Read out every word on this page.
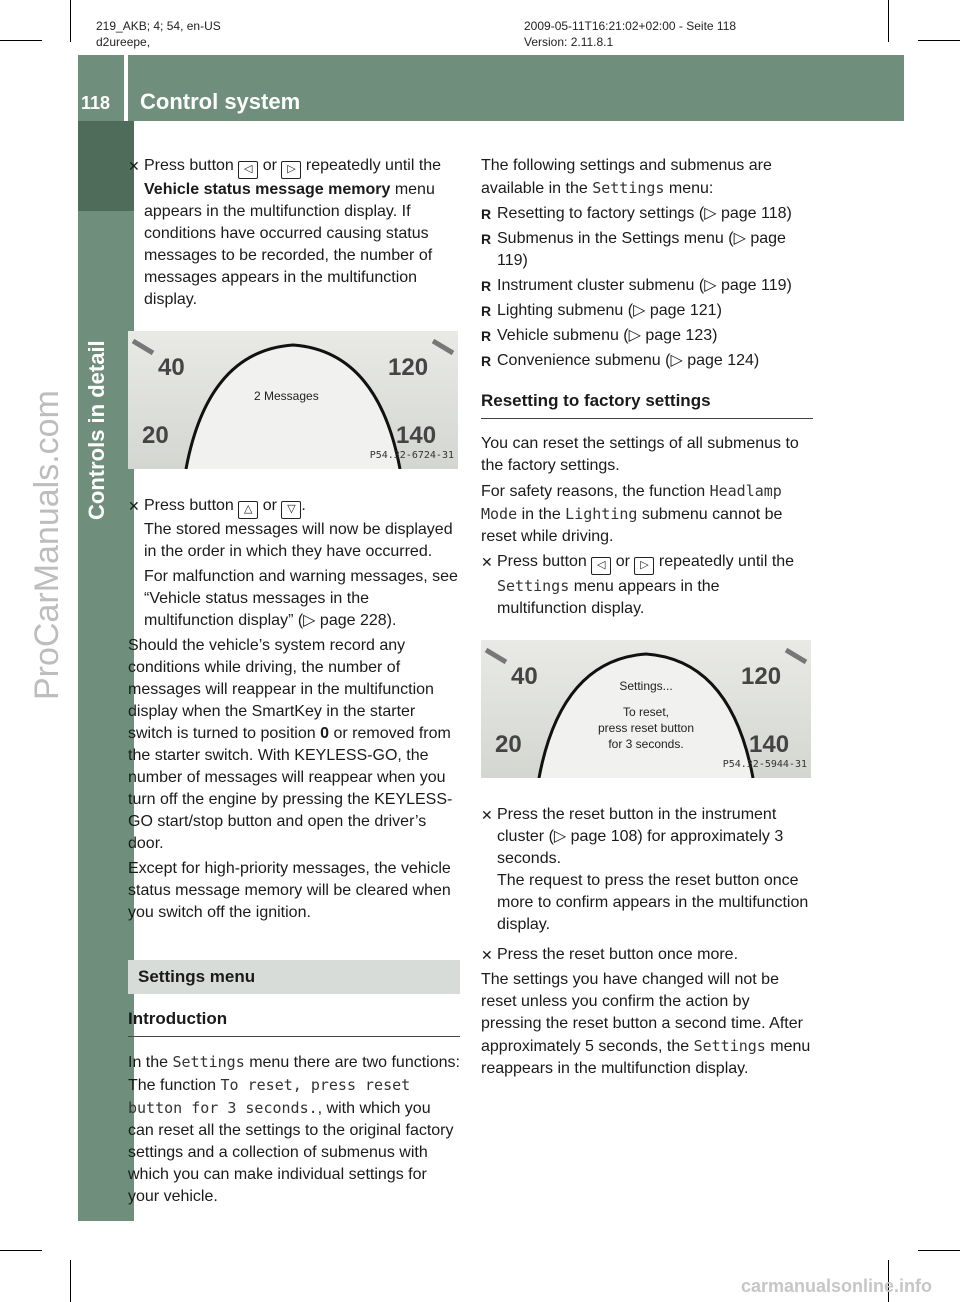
219_AKB; 4; 54, en-US
d2ureepe,
2009-05-11T16:21:02+02:00 - Seite 118
Version: 2.11.8.1
118 Control system
Controls in detail
ProCarManuals.com
carmanualsonline.info

✕ Press button ◁ or ▷ repeatedly until the Vehicle status message memory menu appears in the multifunction display. If conditions have occurred causing status messages to be recorded, the number of messages appears in the multifunction display.

40	120
20	140
2 Messages
P54.32-6724-31

✕ Press button △ or ▽ .
The stored messages will now be displayed in the order in which they have occurred.

For malfunction and warning messages, see “Vehicle status messages in the multifunction display” (▷ page 228).

Should the vehicle’s system record any conditions while driving, the number of messages will reappear in the multifunction display when the SmartKey in the starter switch is turned to position 0 or removed from the starter switch. With KEYLESS-GO, the number of messages will reappear when you turn off the engine by pressing the KEYLESS-GO start/stop button and open the driver’s door.

Except for high-priority messages, the vehicle status message memory will be cleared when you switch off the ignition.

Settings menu
Introduction

In the Settings menu there are two functions: The function To reset, press reset button for 3 seconds., with which you can reset all the settings to the original factory settings and a collection of submenus with which you can make individual settings for your vehicle.

The following settings and submenus are available in the Settings menu:

R Resetting to factory settings (▷ page 118)

R Submenus in the Settings menu (▷ page 119)

R Instrument cluster submenu (▷ page 119)

R Lighting submenu (▷ page 121)

R Vehicle submenu (▷ page 123)

R Convenience submenu (▷ page 124)

Resetting to factory settings

You can reset the settings of all submenus to the factory settings.

For safety reasons, the function Headlamp Mode in the Lighting submenu cannot be reset while driving.

✕ Press button ◁ or ▷ repeatedly until the Settings menu appears in the multifunction display.

40	120
20	140
Settings...
To reset,
press reset button
for 3 seconds.
P54.32-5944-31

✕ Press the reset button in the instrument cluster (▷ page 108) for approximately 3 seconds.
The request to press the reset button once more to confirm appears in the multifunction display.

✕ Press the reset button once more.

The settings you have changed will not be reset unless you confirm the action by pressing the reset button a second time. After approximately 5 seconds, the Settings menu reappears in the multifunction display.
